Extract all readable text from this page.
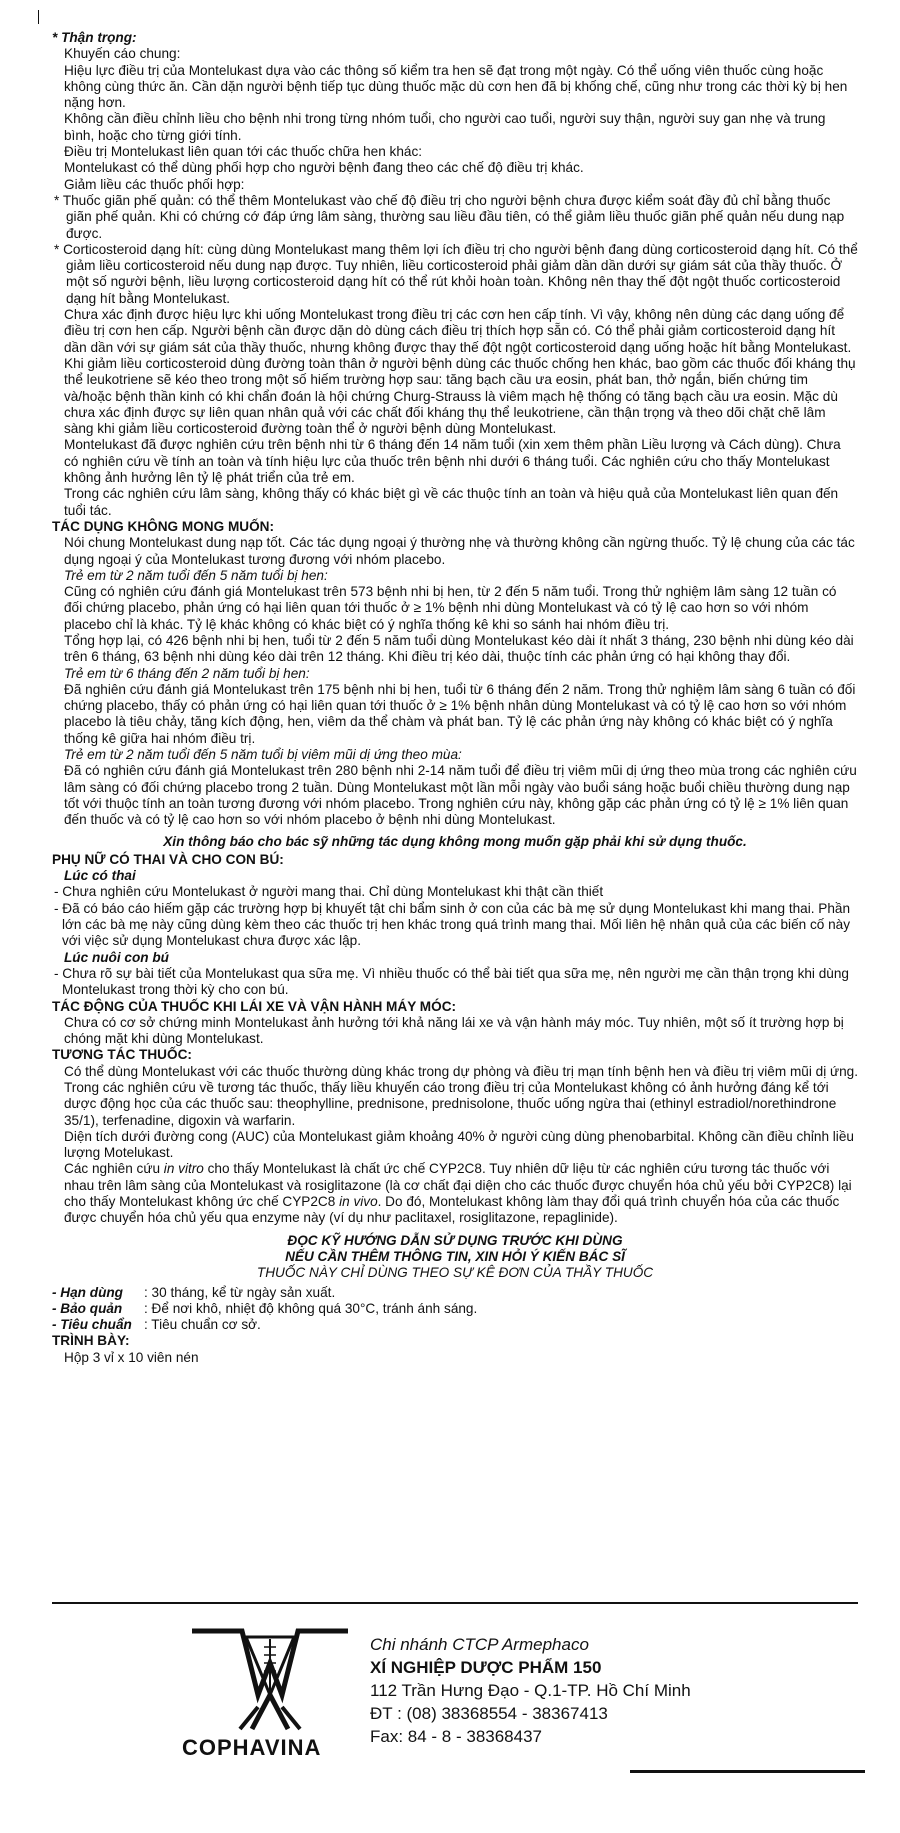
* Thận trọng:

Khuyến cáo chung:

Hiệu lực điều trị của Montelukast dựa vào các thông số kiểm tra hen sẽ đạt trong một ngày. Có thể uống viên thuốc cùng hoặc không cùng thức ăn. Cần dặn người bệnh tiếp tục dùng thuốc mặc dù cơn hen đã bị khống chế, cũng như trong các thời kỳ bị hen nặng hơn.

Không cần điều chỉnh liều cho bệnh nhi trong từng nhóm tuổi, cho người cao tuổi, người suy thận, người suy gan nhẹ và trung bình, hoặc cho từng giới tính.

Điều trị Montelukast liên quan tới các thuốc chữa hen khác:

Montelukast có thể dùng phối hợp cho người bệnh đang theo các chế độ điều trị khác.

Giảm liều các thuốc phối hợp:

* Thuốc giãn phế quản: có thể thêm Montelukast vào chế độ điều trị cho người bệnh chưa được kiểm soát đầy đủ chỉ bằng thuốc giãn phế quản. Khi có chứng cớ đáp ứng lâm sàng, thường sau liều đầu tiên, có thể giảm liều thuốc giãn phế quản nếu dung nạp được.

* Corticosteroid dạng hít: cùng dùng Montelukast mang thêm lợi ích điều trị cho người bệnh đang dùng corticosteroid dạng hít. Có thể giảm liều corticosteroid nếu dung nạp được. Tuy nhiên, liều corticosteroid phải giảm dần dần dưới sự giám sát của thầy thuốc. Ở một số người bệnh, liều lượng corticosteroid dạng hít có thể rút khỏi hoàn toàn. Không nên thay thế đột ngột thuốc corticosteroid dạng hít bằng Montelukast.

Chưa xác định được hiệu lực khi uống Montelukast trong điều trị các cơn hen cấp tính. Vì vậy, không nên dùng các dạng uống để điều trị cơn hen cấp. Người bệnh cần được dặn dò dùng cách điều trị thích hợp sẵn có. Có thể phải giảm corticosteroid dạng hít dần dần với sự giám sát của thầy thuốc, nhưng không được thay thế đột ngột corticosteroid dạng uống hoặc hít bằng Montelukast.

Khi giảm liều corticosteroid dùng đường toàn thân ở người bệnh dùng các thuốc chống hen khác, bao gồm các thuốc đối kháng thụ thể leukotriene sẽ kéo theo trong một số hiếm trường hợp sau: tăng bạch cầu ưa eosin, phát ban, thở ngắn, biến chứng tim và/hoặc bệnh thần kinh có khi chẩn đoán là hội chứng Churg-Strauss là viêm mạch hệ thống có tăng bạch cầu ưa eosin. Mặc dù chưa xác định được sự liên quan nhân quả với các chất đối kháng thụ thể leukotriene, cần thận trọng và theo dõi chặt chẽ lâm sàng khi giảm liều corticosteroid đường toàn thể ở người bệnh dùng Montelukast.

Montelukast đã được nghiên cứu trên bệnh nhi từ 6 tháng đến 14 năm tuổi (xin xem thêm phần Liều lượng và Cách dùng). Chưa có nghiên cứu về tính an toàn và tính hiệu lực của thuốc trên bệnh nhi dưới 6 tháng tuổi. Các nghiên cứu cho thấy Montelukast không ảnh hưởng lên tỷ lệ phát triển của trẻ em.

Trong các nghiên cứu lâm sàng, không thấy có khác biệt gì về các thuộc tính an toàn và hiệu quả của Montelukast liên quan đến tuổi tác.

TÁC DỤNG KHÔNG MONG MUỐN:

Nói chung Montelukast dung nạp tốt. Các tác dụng ngoại ý thường nhẹ và thường không cần ngừng thuốc. Tỷ lệ chung của các tác dụng ngoại ý của Montelukast tương đương với nhóm placebo.

Trẻ em từ 2 năm tuổi đến 5 năm tuổi bị hen:

Cũng có nghiên cứu đánh giá Montelukast trên 573 bệnh nhi bị hen, từ 2 đến 5 năm tuổi. Trong thử nghiệm lâm sàng 12 tuần có đối chứng placebo, phản ứng có hại liên quan tới thuốc ở ≥ 1% bệnh nhi dùng Montelukast và có tỷ lệ cao hơn so với nhóm placebo chỉ là khác. Tỷ lệ khác không có khác biệt có ý nghĩa thống kê khi so sánh hai nhóm điều trị.

Tổng hợp lại, có 426 bệnh nhi bị hen, tuổi từ 2 đến 5 năm tuổi dùng Montelukast kéo dài ít nhất 3 tháng, 230 bệnh nhi dùng kéo dài trên 6 tháng, 63 bệnh nhi dùng kéo dài trên 12 tháng. Khi điều trị kéo dài, thuộc tính các phản ứng có hại không thay đổi.

Trẻ em từ 6 tháng đến 2 năm tuổi bị hen:

Đã nghiên cứu đánh giá Montelukast trên 175 bệnh nhi bị hen, tuổi từ 6 tháng đến 2 năm. Trong thử nghiệm lâm sàng 6 tuần có đối chứng placebo, thấy có phản ứng có hại liên quan tới thuốc ở ≥ 1% bệnh nhân dùng Montelukast và có tỷ lệ cao hơn so với nhóm placebo là tiêu chảy, tăng kích động, hen, viêm da thể chàm và phát ban. Tỷ lệ các phản ứng này không có khác biệt có ý nghĩa thống kê giữa hai nhóm điều trị.

Trẻ em từ 2 năm tuổi đến 5 năm tuổi bị viêm mũi dị ứng theo mùa:

Đã có nghiên cứu đánh giá Montelukast trên 280 bệnh nhi 2-14 năm tuổi để điều trị viêm mũi dị ứng theo mùa trong các nghiên cứu lâm sàng có đối chứng placebo trong 2 tuần. Dùng Montelukast một lần mỗi ngày vào buổi sáng hoặc buổi chiều thường dung nạp tốt với thuộc tính an toàn tương đương với nhóm placebo. Trong nghiên cứu này, không gặp các phản ứng có tỷ lệ ≥ 1% liên quan đến thuốc và có tỷ lệ cao hơn so với nhóm placebo ở bệnh nhi dùng Montelukast.

Xin thông báo cho bác sỹ những tác dụng không mong muốn gặp phải khi sử dụng thuốc.

PHỤ NỮ CÓ THAI VÀ CHO CON BÚ:

Lúc có thai

- Chưa nghiên cứu Montelukast ở người mang thai. Chỉ dùng Montelukast khi thật cần thiết

- Đã có báo cáo hiếm gặp các trường hợp bị khuyết tật chi bẩm sinh ở con của các bà mẹ sử dụng Montelukast khi mang thai. Phần lớn các bà mẹ này cũng dùng kèm theo các thuốc trị hen khác trong quá trình mang thai. Mối liên hệ nhân quả của các biến cố này với việc sử dụng Montelukast chưa được xác lập.

Lúc nuôi con bú

- Chưa rõ sự bài tiết của Montelukast qua sữa mẹ. Vì nhiều thuốc có thể bài tiết qua sữa mẹ, nên người mẹ cần thận trọng khi dùng Montelukast trong thời kỳ cho con bú.

TÁC ĐỘNG CỦA THUỐC KHI LÁI XE VÀ VẬN HÀNH MÁY MÓC:

Chưa có cơ sở chứng minh Montelukast ảnh hưởng tới khả năng lái xe và vận hành máy móc. Tuy nhiên, một số ít trường hợp bị chóng mặt khi dùng Montelukast.

TƯƠNG TÁC THUỐC:

Có thể dùng Montelukast với các thuốc thường dùng khác trong dự phòng và điều trị mạn tính bệnh hen và điều trị viêm mũi dị ứng. Trong các nghiên cứu về tương tác thuốc, thấy liều khuyến cáo trong điều trị của Montelukast không có ảnh hưởng đáng kể tới dược động học của các thuốc sau: theophylline, prednisone, prednisolone, thuốc uống ngừa thai (ethinyl estradiol/norethindrone 35/1), terfenadine, digoxin và warfarin.

Diện tích dưới đường cong (AUC) của Montelukast giảm khoảng 40% ở người cùng dùng phenobarbital. Không cần điều chỉnh liều lượng Motelukast.

Các nghiên cứu in vitro cho thấy Montelukast là chất ức chế CYP2C8. Tuy nhiên dữ liệu từ các nghiên cứu tương tác thuốc với nhau trên lâm sàng của Montelukast và rosiglitazone (là cơ chất đại diện cho các thuốc được chuyển hóa chủ yếu bởi CYP2C8) lại cho thấy Montelukast không ức chế CYP2C8 in vivo. Do đó, Montelukast không làm thay đổi quá trình chuyển hóa của các thuốc được chuyển hóa chủ yếu qua enzyme này (ví dụ như paclitaxel, rosiglitazone, repaglinide).

ĐỌC KỸ HƯỚNG DẪN SỬ DỤNG TRƯỚC KHI DÙNG

NẾU CẦN THÊM THÔNG TIN, XIN HỎI Ý KIẾN BÁC SĨ

THUỐC NÀY CHỈ DÙNG THEO SỰ KÊ ĐƠN CỦA THẦY THUỐC

- Hạn dùng	: 30 tháng, kể từ ngày sản xuất.
- Bảo quản	: Để nơi khô, nhiệt độ không quá 30°C, tránh ánh sáng.
- Tiêu chuẩn : Tiêu chuẩn cơ sở.

TRÌNH BÀY:

Hộp 3 vỉ x 10 viên nén

COPHAVINA
Chi nhánh CTCP Armephaco
XÍ NGHIỆP DƯỢC PHẨM 150
112 Trần Hưng Đạo - Q.1-TP. Hồ Chí Minh
ĐT : (08) 38368554 - 38367413
Fax: 84 - 8 - 38368437
